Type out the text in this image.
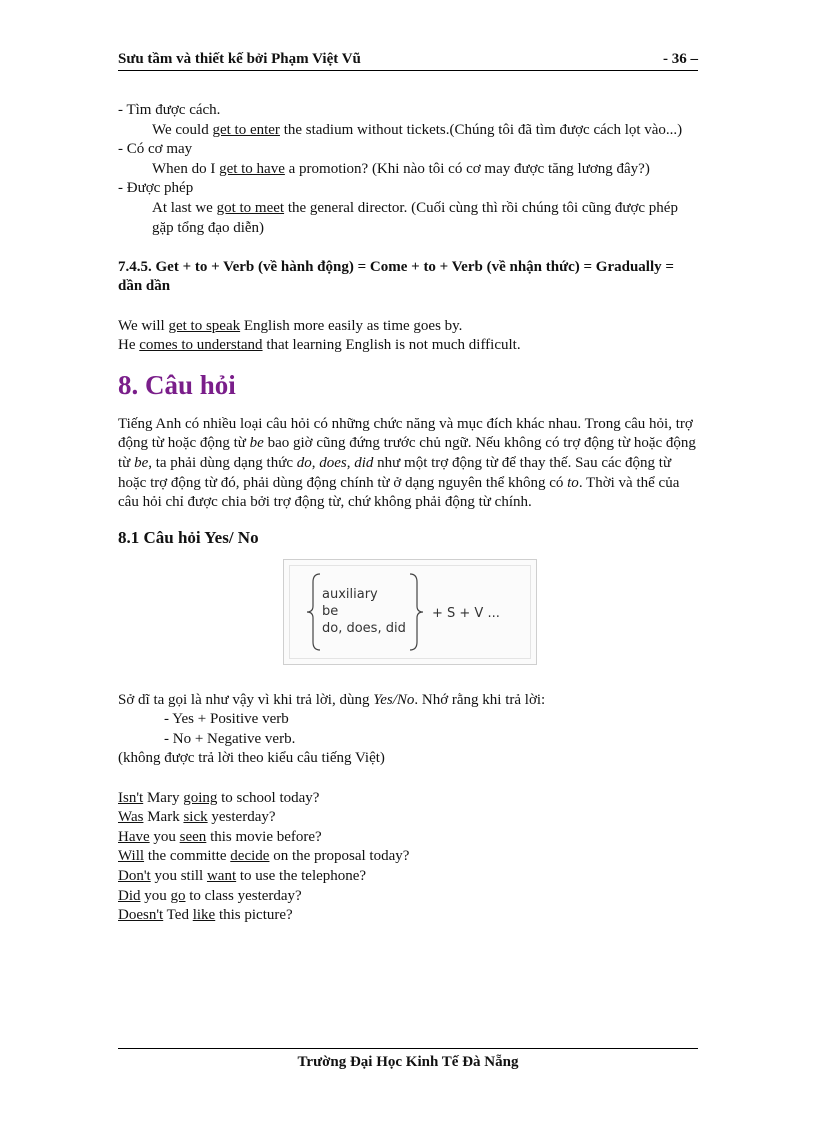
Sưu tầm và thiết kế bởi Phạm Việt Vũ	- 36 –

- Tìm được cách.

We could get to enter the stadium without tickets.(Chúng tôi đã tìm được cách lọt vào...)

- Có cơ may

When do I get to have a promotion? (Khi nào tôi có cơ may được tăng lương đây?)

- Được phép

At last we got to meet the general director. (Cuối cùng thì rồi chúng tôi cũng được phép gặp tổng đạo diễn)

7.4.5. Get + to + Verb (về hành động) = Come + to + Verb (về nhận thức) = Gradually = dần dần

We will get to speak English more easily as time goes by.

He comes to understand that learning English is not much difficult.

8. Câu hỏi

Tiếng Anh có nhiều loại câu hỏi có những chức năng và mục đích khác nhau. Trong câu hỏi, trợ động từ hoặc động từ be bao giờ cũng đứng trước chủ ngữ. Nếu không có trợ động từ hoặc động từ be, ta phải dùng dạng thức do, does, did như một trợ động từ để thay thế. Sau các động từ hoặc trợ động từ đó, phải dùng động chính từ ở dạng nguyên thể không có to. Thời và thể của câu hỏi chỉ được chia bởi trợ động từ, chứ không phải động từ chính.

8.1 Câu hỏi Yes/ No
auxiliary
be
do, does, did
+ S + V ...

Sở dĩ ta gọi là như vậy vì khi trả lời, dùng Yes/No. Nhớ rằng khi trả lời:

- Yes + Positive verb

- No + Negative verb.

(không được trả lời theo kiểu câu tiếng Việt)

Isn't Mary going to school today?

Was Mark sick yesterday?

Have you seen this movie before?

Will the committe decide on the proposal today?

Don't you still want to use the telephone?

Did you go to class yesterday?

Doesn't Ted like this picture?

Trường Đại Học Kinh Tế Đà Nẵng
